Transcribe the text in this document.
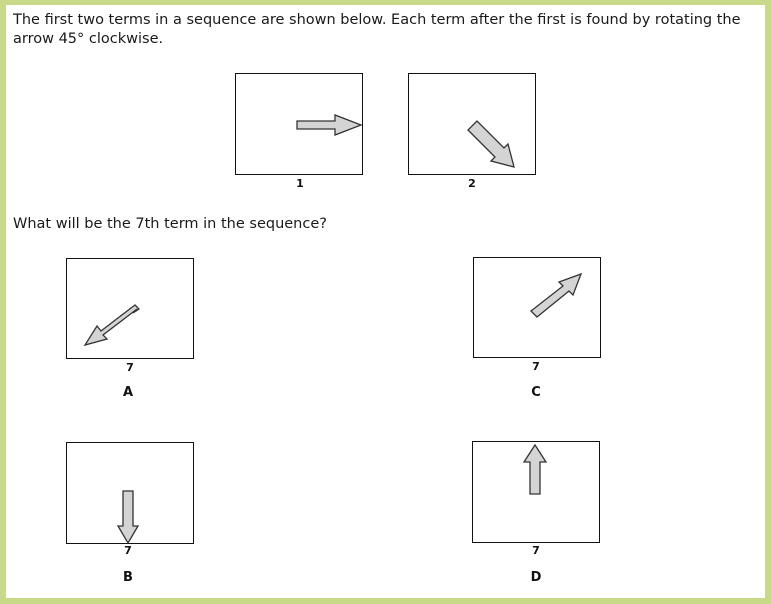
The first two terms in a sequence are shown below. Each term after the first is found by rotating the arrow 45° clockwise.
1	2
What will be the 7th term in the sequence?
7
A
7
C
7
B
7
D
